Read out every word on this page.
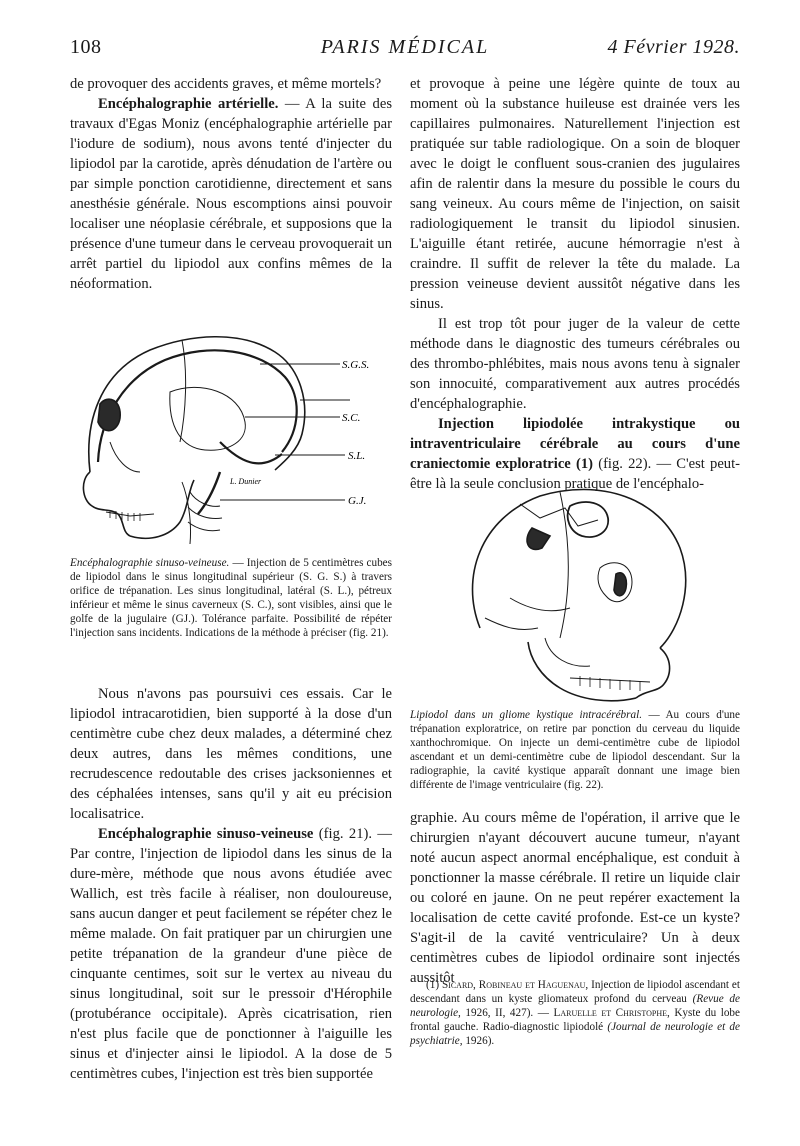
108	PARIS MÉDICAL	4 Février 1928.

de provoquer des accidents graves, et même mortels?

Encéphalographie artérielle. — A la suite des travaux d'Egas Moniz (encéphalographie artérielle par l'iodure de sodium), nous avons tenté d'injecter du lipiodol par la carotide, après dénudation de l'artère ou par simple ponction carotidienne, directement et sans anesthésie générale. Nous escomptions ainsi pouvoir localiser une néoplasie cérébrale, et supposions que la présence d'une tumeur dans le cerveau provoquerait un arrêt partiel du lipiodol aux confins mêmes de la néoformation.

S.G.S.
S.C.
S.L.
G.J.
L. Dunier
Encéphalographie sinuso-veineuse. — Injection de 5 centimètres cubes de lipiodol dans le sinus longitudinal supérieur (S. G. S.) à travers orifice de trépanation. Les sinus longitudinal, latéral (S. L.), pétreux inférieur et même le sinus caverneux (S. C.), sont visibles, ainsi que le golfe de la jugulaire (GJ.). Tolérance parfaite. Possibilité de répéter l'injection sans incidents. Indications de la méthode à préciser (fig. 21).

Nous n'avons pas poursuivi ces essais. Car le lipiodol intracarotidien, bien supporté à la dose d'un centimètre cube chez deux malades, a déterminé chez deux autres, dans les mêmes conditions, une recrudescence redoutable des crises jacksoniennes et des céphalées intenses, sans qu'il y ait eu précision localisatrice.

Encéphalographie sinuso-veineuse (fig. 21). — Par contre, l'injection de lipiodol dans les sinus de la dure-mère, méthode que nous avons étudiée avec Wallich, est très facile à réaliser, non douloureuse, sans aucun danger et peut facilement se répéter chez le même malade. On fait pratiquer par un chirurgien une petite trépanation de la grandeur d'une pièce de cinquante centimes, soit sur le vertex au niveau du sinus longitudinal, soit sur le pressoir d'Hérophile (protubérance occipitale). Après cicatrisation, rien n'est plus facile que de ponctionner à l'aiguille les sinus et d'injecter ainsi le lipiodol. A la dose de 5 centimètres cubes, l'injection est très bien supportée

et provoque à peine une légère quinte de toux au moment où la substance huileuse est drainée vers les capillaires pulmonaires. Naturellement l'injection est pratiquée sur table radiologique. On a soin de bloquer avec le doigt le confluent sous-cranien des jugulaires afin de ralentir dans la mesure du possible le cours du sang veineux. Au cours même de l'injection, on saisit radiologiquement le transit du lipiodol sinusien. L'aiguille étant retirée, aucune hémorragie n'est à craindre. Il suffit de relever la tête du malade. La pression veineuse devient aussitôt négative dans les sinus.

Il est trop tôt pour juger de la valeur de cette méthode dans le diagnostic des tumeurs cérébrales ou des thrombo-phlébites, mais nous avons tenu à signaler son innocuité, comparativement aux autres procédés d'encéphalographie.

Injection lipiodolée intrakystique ou intraventriculaire cérébrale au cours d'une craniectomie exploratrice (1) (fig. 22). — C'est peut-être là la seule conclusion pratique de l'encéphalo-

Lipiodol dans un gliome kystique intracérébral. — Au cours d'une trépanation exploratrice, on retire par ponction du cerveau du liquide xanthochromique. On injecte un demi-centimètre cube de lipiodol ascendant et un demi-centimètre cube de lipiodol descendant. Sur la radiographie, la cavité kystique apparaît donnant une image bien différente de l'image ventriculaire (fig. 22).

graphie. Au cours même de l'opération, il arrive que le chirurgien n'ayant découvert aucune tumeur, n'ayant noté aucun aspect anormal encéphalique, est conduit à ponctionner la masse cérébrale. Il retire un liquide clair ou coloré en jaune. On ne peut repérer exactement la localisation de cette cavité profonde. Est-ce un kyste? S'agit-il de la cavité ventriculaire? Un à deux centimètres cubes de lipiodol ordinaire sont injectés aussitôt

(1) Sicard, Robineau et Haguenau, Injection de lipiodol ascendant et descendant dans un kyste gliomateux profond du cerveau (Revue de neurologie, 1926, II, 427). — Laruelle et Christophe, Kyste du lobe frontal gauche. Radio-diagnostic lipiodolé (Journal de neurologie et de psychiatrie, 1926).
